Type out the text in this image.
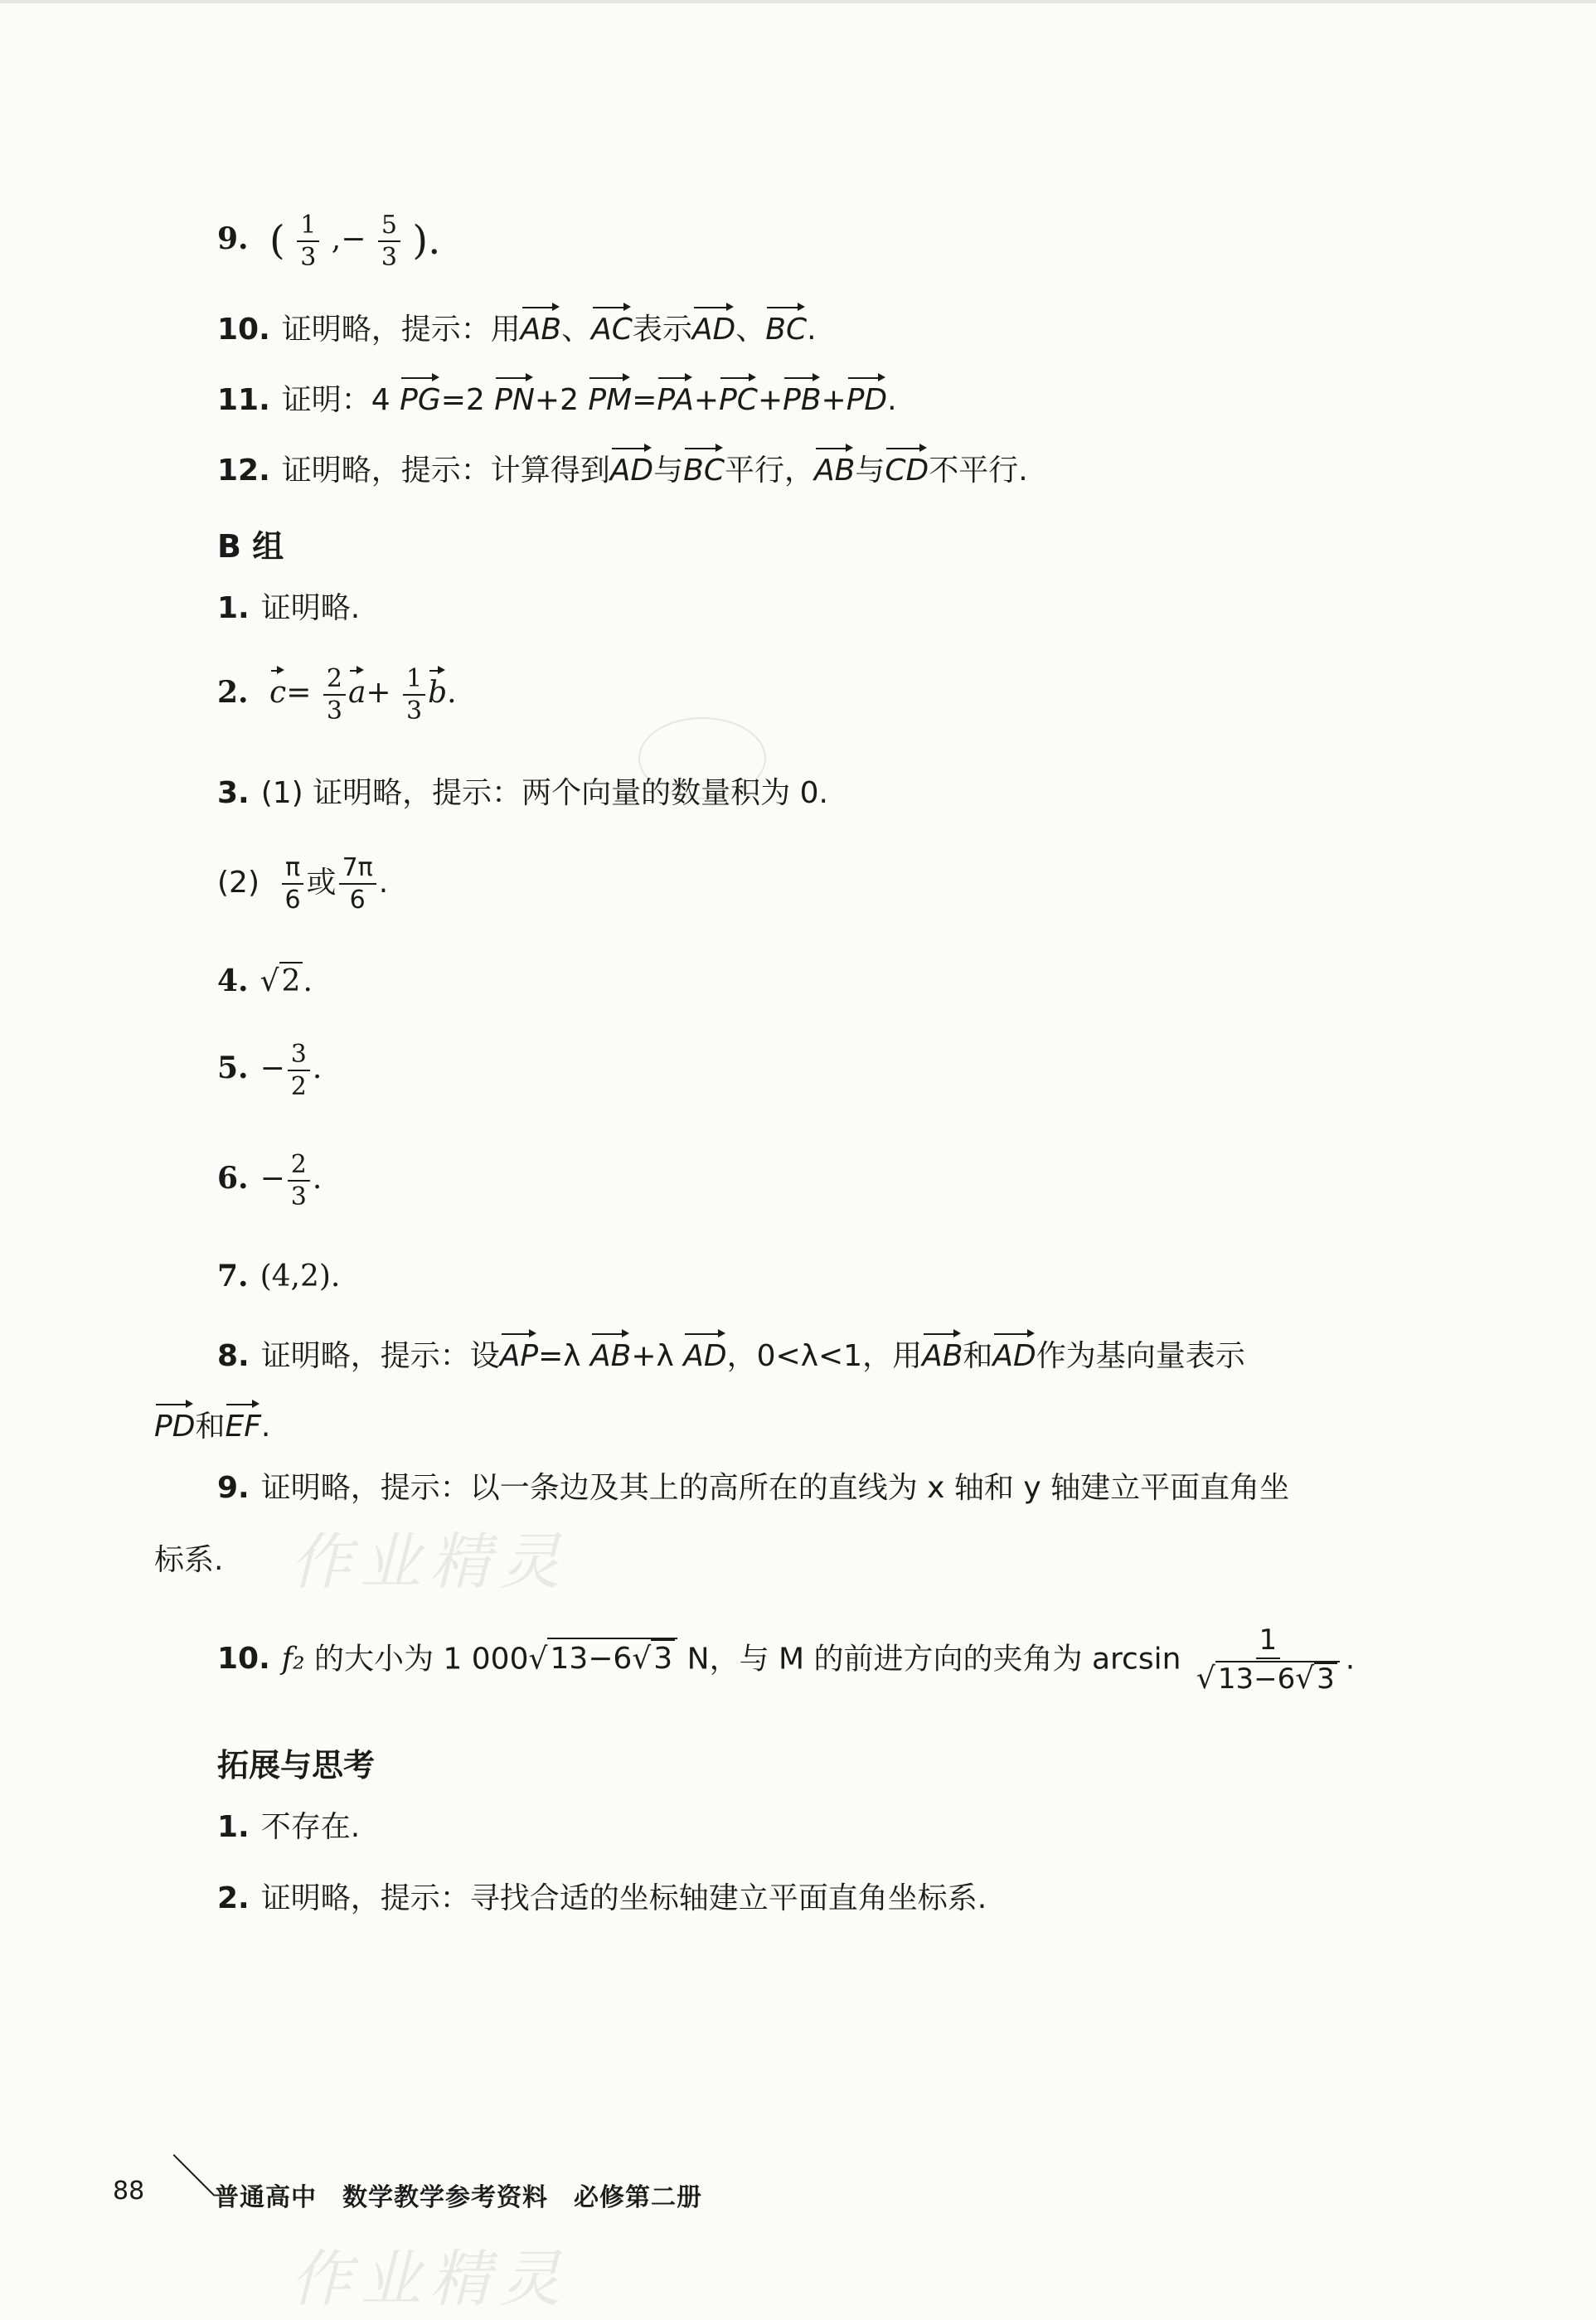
9. ( $\frac{1}{3}$ ,− $\frac{5}{3}$ ).
10. 证明略，提示：用AB、AC表示AD、BC.
11. 证明：4 PG=2 PN+2 PM=PA+PC+PB+PD.
12. 证明略，提示：计算得到AD与BC平行，AB与CD不平行.
B 组
1. 证明略.
2. $c= \frac{2}{3} a+ \frac{1}{3} b$.
3. (1) 证明略，提示：两个向量的数量积为 0.
$(2) \frac{\pi}{6}$ 或 $\frac{7\pi}{6}$ .
4. √2.
5. − $\frac{3}{2}$ .
6. − $\frac{2}{3}$ .
7. (4,2).
8. 证明略，提示：设AP=λ AB+λ AD，0<λ<1，用AB和AD作为基向量表示
PD和EF.
9. 证明略，提示：以一条边及其上的高所在的直线为 x 轴和 y 轴建立平面直角坐
标系. 作业精灵
10. f₂ 的大小为 1 000√13−6√3 N，与 M 的前进方向的夹角为 $\arcsin \frac{1}{√13-6√3}$ .
拓展与思考
1. 不存在.
2. 证明略，提示：寻找合适的坐标轴建立平面直角坐标系.
88	普通高中　数学教学参考资料　必修第二册
作业精灵
